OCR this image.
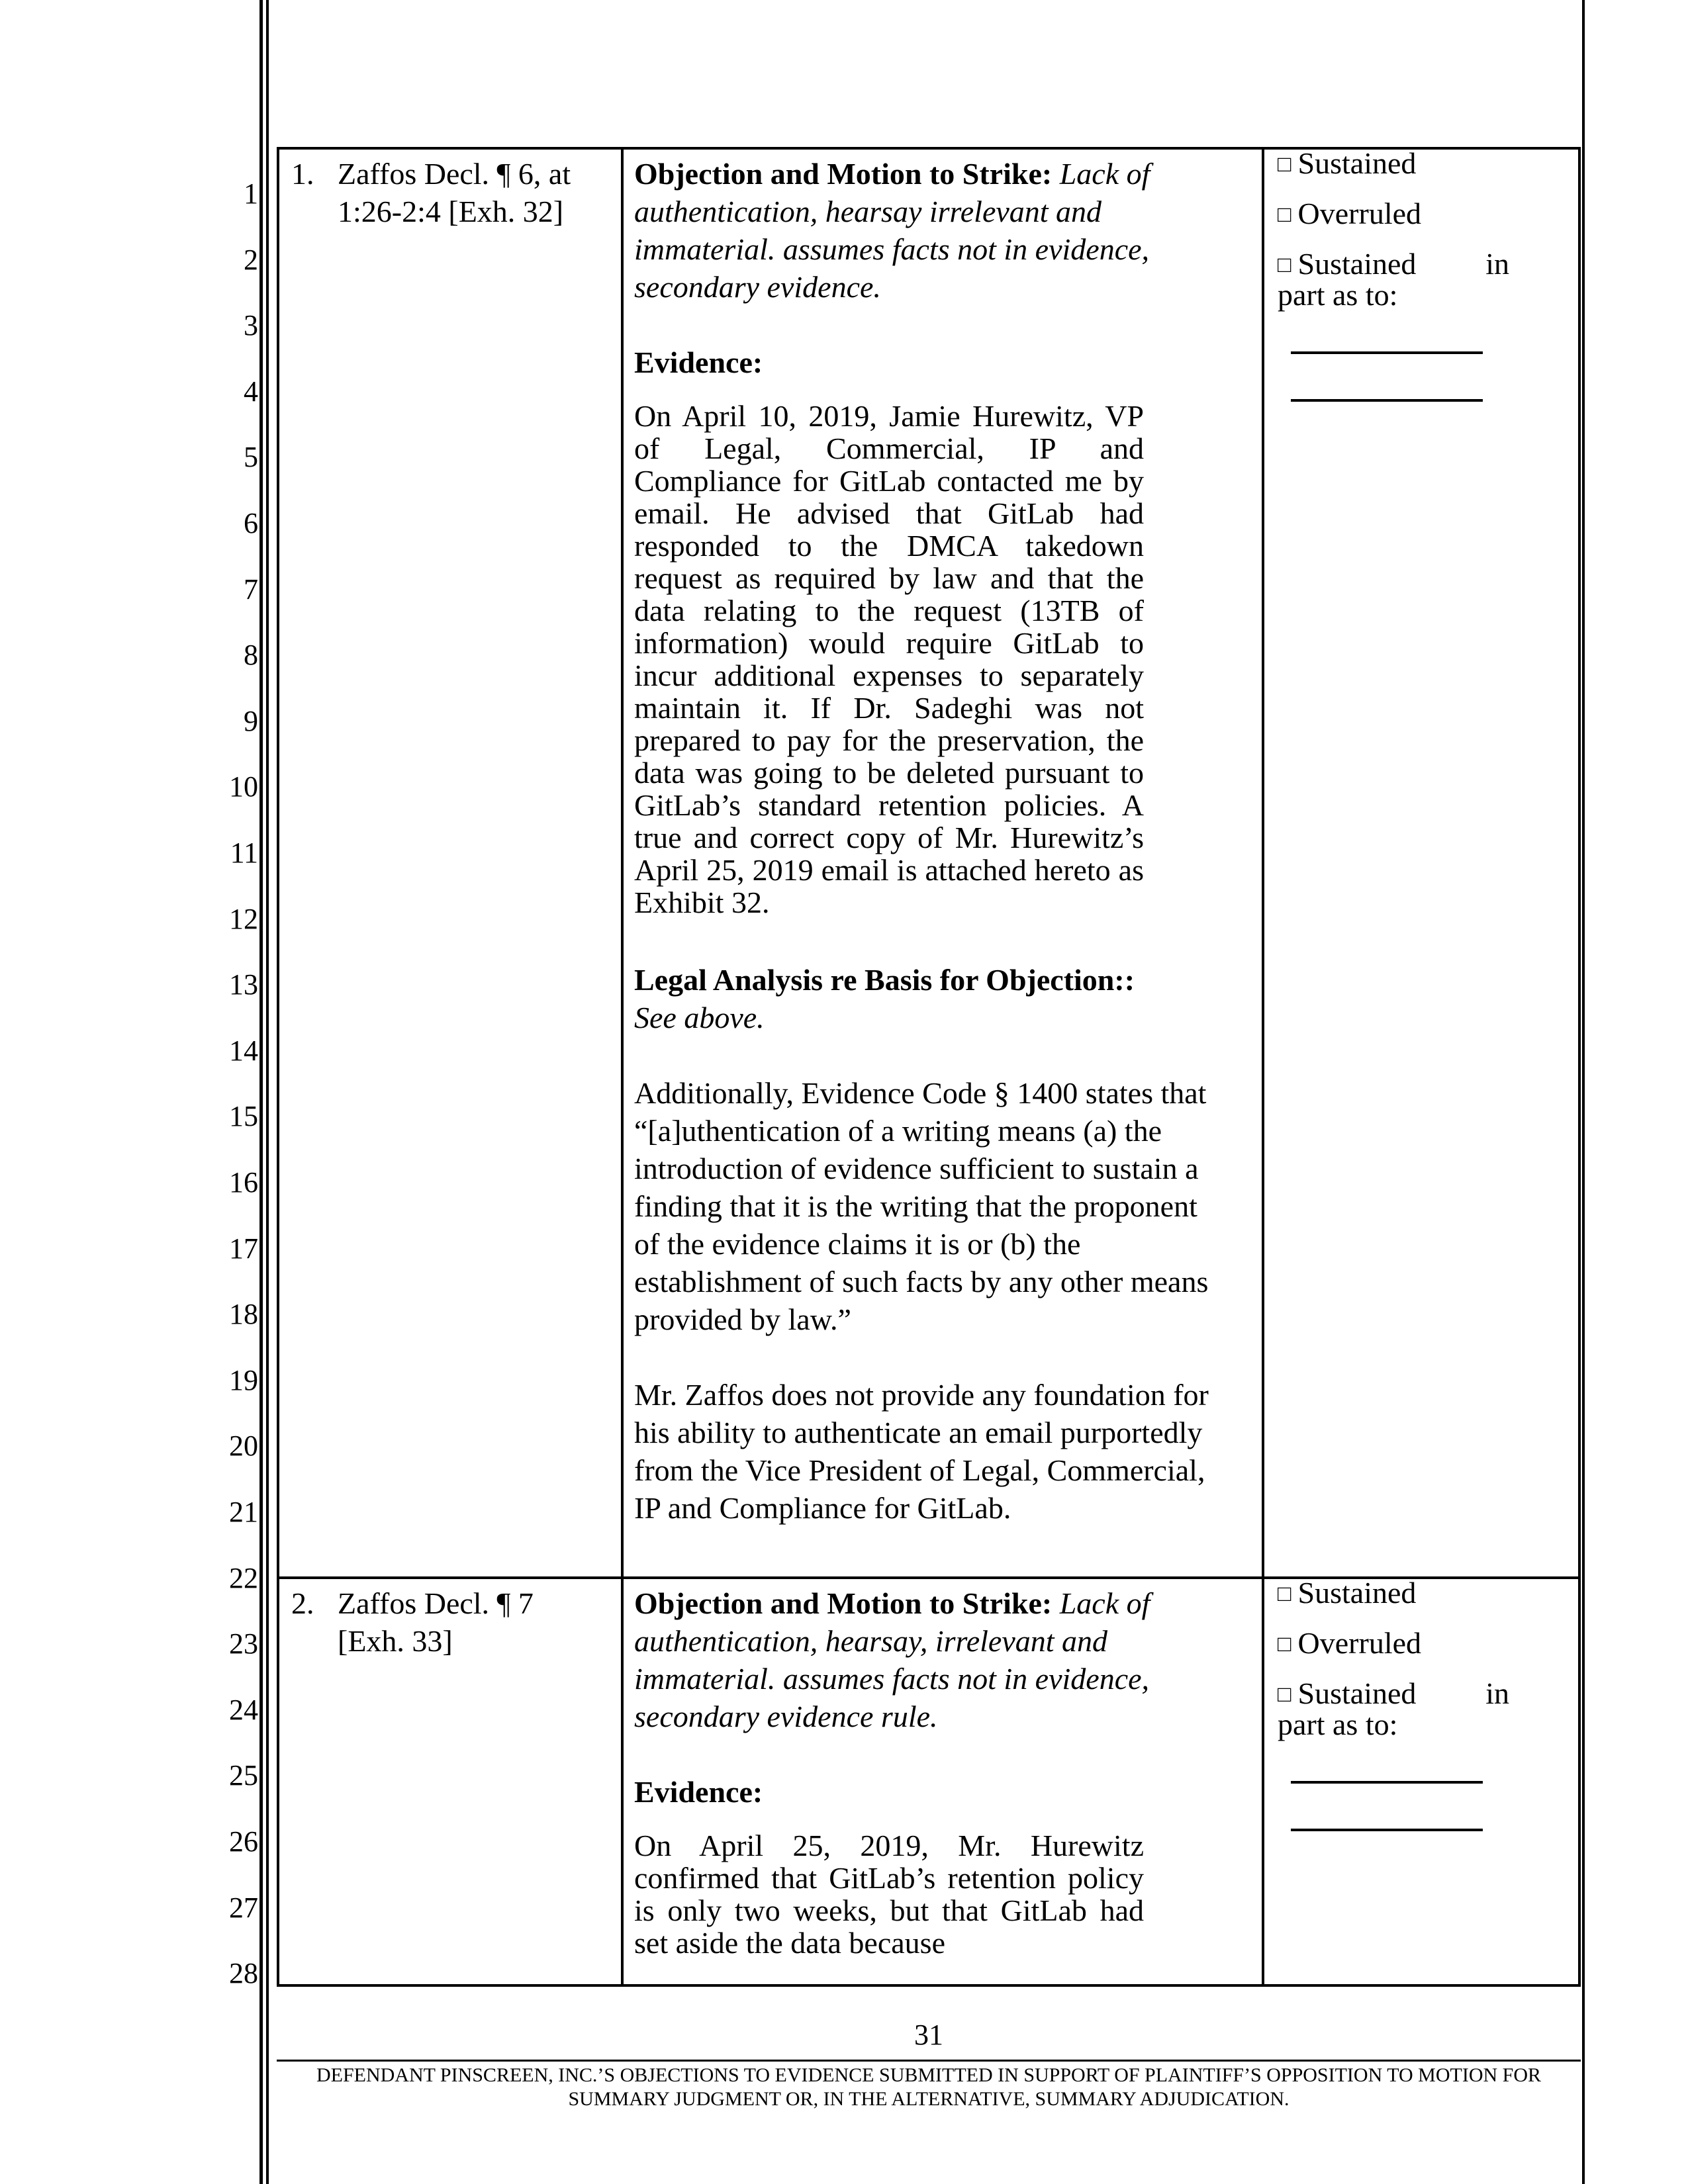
1
2
3
4
5
6
7
8
9
10
11
12
13
14
15
16
17
18
19
20
21
22
23
24
25
26
27
28
1. Zaffos Decl. ¶ 6, at
1:26-2:4 [Exh. 32]

Objection and Motion to Strike: Lack of authentication, hearsay irrelevant and immaterial. assumes facts not in evidence, secondary evidence.

Evidence:

On April 10, 2019, Jamie Hurewitz, VP of Legal, Commercial, IP and Compliance for GitLab contacted me by email. He advised that GitLab had responded to the DMCA takedown request as required by law and that the data relating to the request (13TB of information) would require GitLab to incur additional expenses to separately maintain it. If Dr. Sadeghi was not prepared to pay for the preservation, the data was going to be deleted pursuant to GitLab’s standard retention policies. A true and correct copy of Mr. Hurewitz’s April 25, 2019 email is attached hereto as Exhibit 32.

Legal Analysis re Basis for Objection::

See above.

Additionally, Evidence Code § 1400 states that “[a]uthentication of a writing means (a) the introduction of evidence sufficient to sustain a finding that it is the writing that the proponent of the evidence claims it is or (b) the establishment of such facts by any other means provided by law.”

Mr. Zaffos does not provide any foundation for his ability to authenticate an email purportedly from the Vice President of Legal, Commercial, IP and Compliance for GitLab.

□ Sustained
□ Overruled
□ Sustained in
part as to:
2. Zaffos Decl. ¶ 7
[Exh. 33]

Objection and Motion to Strike: Lack of authentication, hearsay, irrelevant and immaterial. assumes facts not in evidence, secondary evidence rule.

Evidence:

On April 25, 2019, Mr. Hurewitz confirmed that GitLab’s retention policy is only two weeks, but that GitLab had set aside the data because

□ Sustained
□ Overruled
□ Sustained in
part as to:
31
DEFENDANT PINSCREEN, INC.’S OBJECTIONS TO EVIDENCE SUBMITTED IN SUPPORT OF PLAINTIFF’S OPPOSITION TO MOTION FOR
SUMMARY JUDGMENT OR, IN THE ALTERNATIVE, SUMMARY ADJUDICATION.
